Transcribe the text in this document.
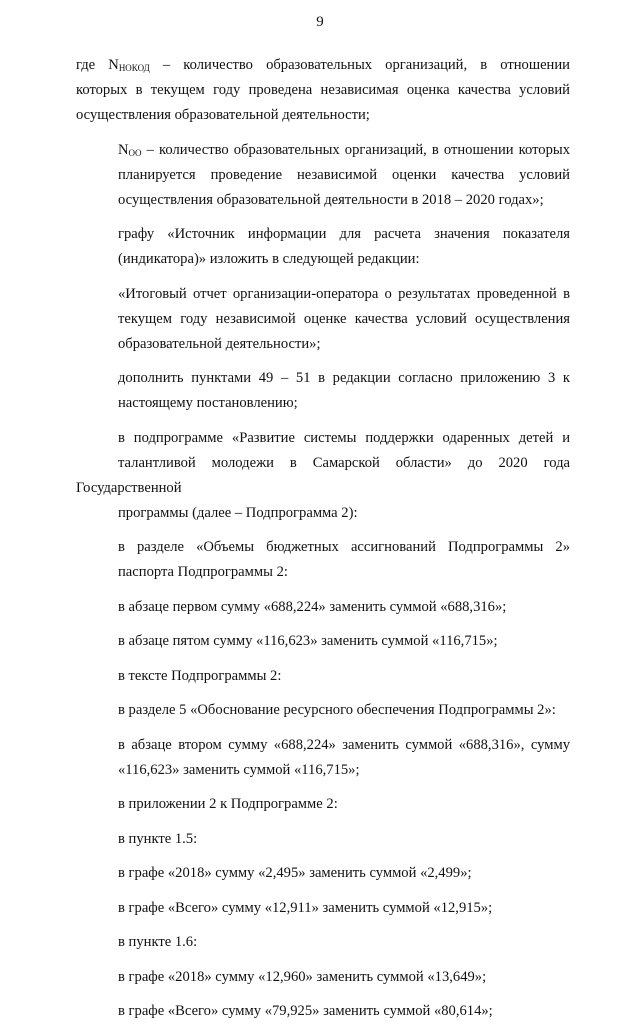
9

где $N_{НОКОД}$ – количество образовательных организаций, в отношении
которых в текущем году проведена независимая оценка качества условий
осуществления образовательной деятельности;

$N_{ОО}$ – количество образовательных организаций, в отношении которых
планируется проведение независимой оценки качества условий
осуществления образовательной деятельности в 2018 – 2020 годах»;

графу «Источник информации для расчета значения показателя
(индикатора)» изложить в следующей редакции:

«Итоговый отчет организации-оператора о результатах проведенной в
текущем году независимой оценке качества условий осуществления
образовательной деятельности»;

дополнить пунктами 49 – 51 в редакции согласно приложению 3 к
настоящему постановлению;

в подпрограмме «Развитие системы поддержки одаренных детей и
талантливой молодежи в Самарской области» до 2020 года Государственной
программы (далее – Подпрограмма 2):

в разделе «Объемы бюджетных ассигнований Подпрограммы 2»
паспорта Подпрограммы 2:

в абзаце первом сумму «688,224» заменить суммой «688,316»;

в абзаце пятом сумму «116,623» заменить суммой «116,715»;

в тексте Подпрограммы 2:

в разделе 5 «Обоснование ресурсного обеспечения Подпрограммы 2»:

в абзаце втором сумму «688,224» заменить суммой «688,316», сумму
«116,623» заменить суммой «116,715»;

в приложении 2 к Подпрограмме 2:

в пункте 1.5:

в графе «2018» сумму «2,495» заменить суммой «2,499»;

в графе «Всего» сумму «12,911» заменить суммой «12,915»;

в пункте 1.6:

в графе «2018» сумму «12,960» заменить суммой «13,649»;

в графе «Всего» сумму «79,925» заменить суммой «80,614»;
